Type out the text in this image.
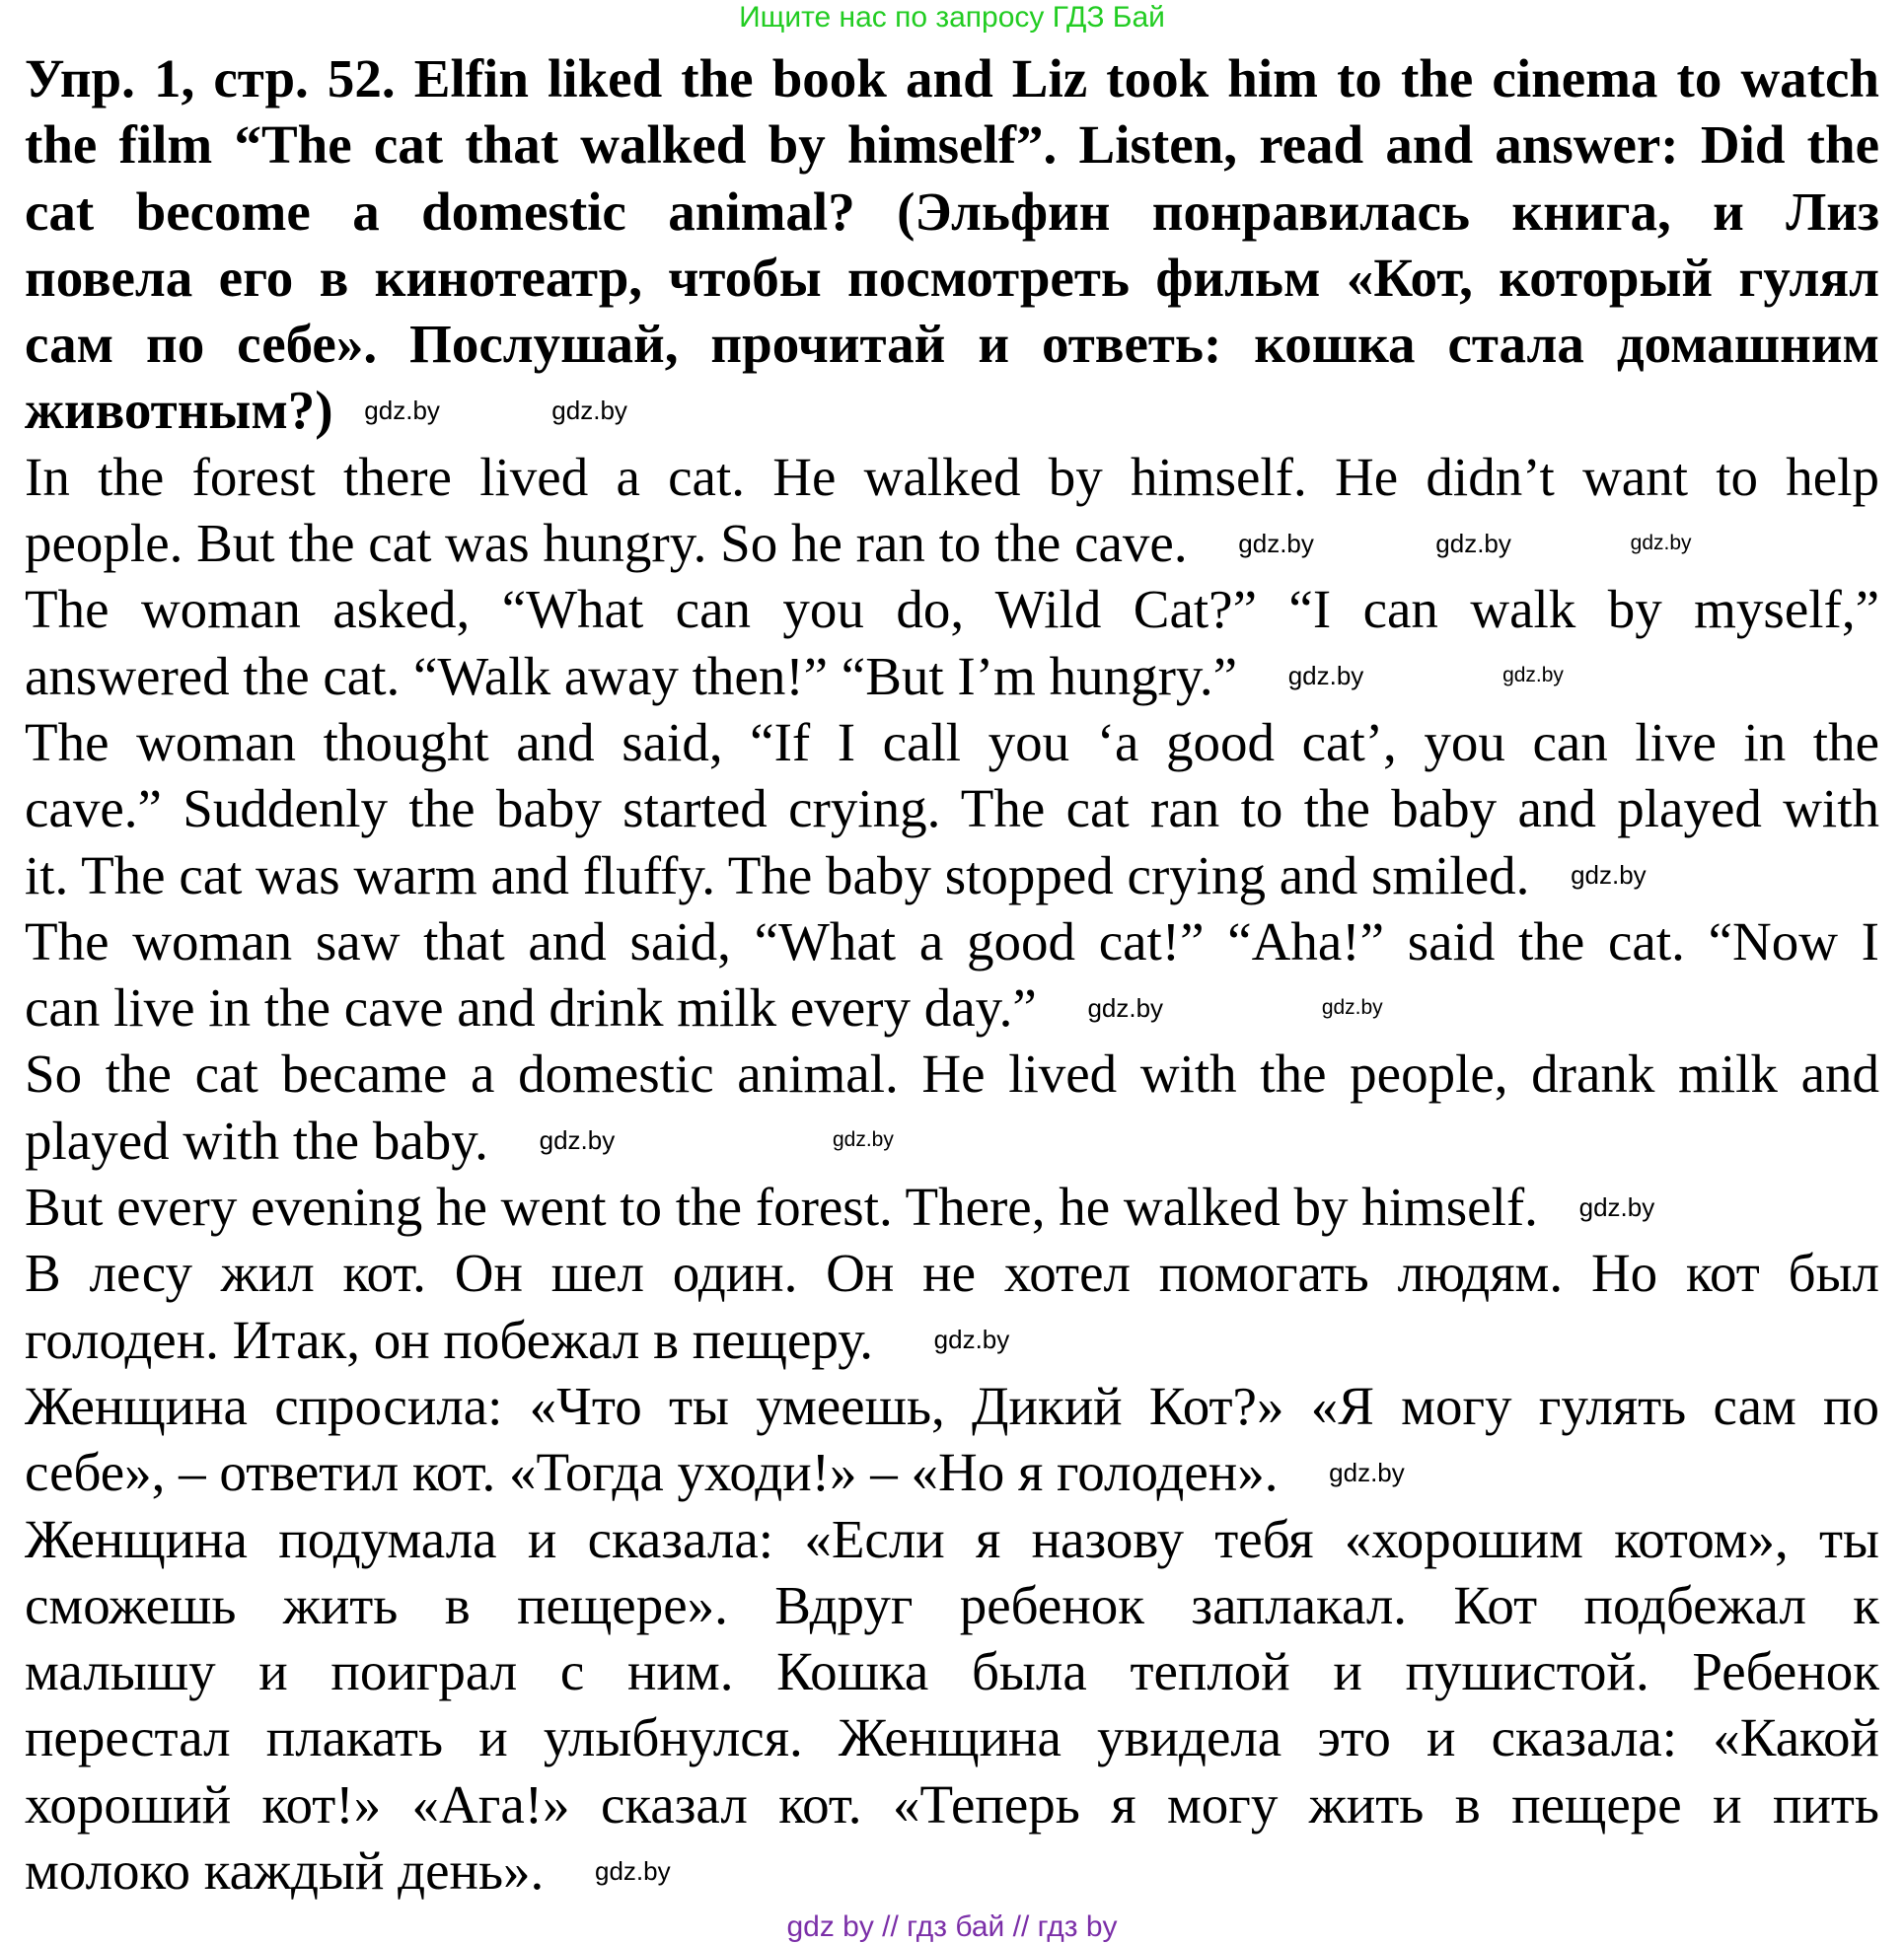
Ищите нас по запросу ГДЗ Бай
Упр. 1, стр. 52. Elfin liked the book and Liz took him to the cinema to watch
the film “The cat that walked by himself”. Listen, read and answer: Did the
cat become a domestic animal? (Эльфин понравилась книга, и Лиз
повела его в кинотеатр, чтобы посмотреть фильм «Кот, который гулял
сам по себе». Послушай, прочитай и ответь: кошка стала домашним
животным?)
In the forest there lived a cat. He walked by himself. He didn’t want to help
people. But the cat was hungry. So he ran to the cave.
The woman asked, “What can you do, Wild Cat?” “I can walk by myself,”
answered the cat. “Walk away then!” “But I’m hungry.”
The woman thought and said, “If I call you ‘a good cat’, you can live in the
cave.” Suddenly the baby started crying. The cat ran to the baby and played with
it. The cat was warm and fluffy. The baby stopped crying and smiled.
The woman saw that and said, “What a good cat!” “Aha!” said the cat. “Now I
can live in the cave and drink milk every day.”
So the cat became a domestic animal. He lived with the people, drank milk and
played with the baby.
But every evening he went to the forest. There, he walked by himself.
В лесу жил кот. Он шел один. Он не хотел помогать людям. Но кот был
голоден. Итак, он побежал в пещеру.
Женщина спросила: «Что ты умеешь, Дикий Кот?» «Я могу гулять сам по
себе», – ответил кот. «Тогда уходи!» – «Но я голоден».
Женщина подумала и сказала: «Если я назову тебя «хорошим котом», ты
сможешь жить в пещере». Вдруг ребенок заплакал. Кот подбежал к
малышу и поиграл с ним. Кошка была теплой и пушистой. Ребенок
перестал плакать и улыбнулся. Женщина увидела это и сказала: «Какой
хороший кот!» «Ага!» сказал кот. «Теперь я могу жить в пещере и пить
молоко каждый день».
gdz.by	gdz.by
gdz.by	gdz.by	gdz.by
gdz.by	gdz.by
gdz.by
gdz.by	gdz.by
gdz.by	gdz.by
gdz.by
gdz.by
gdz.by
gdz.by
gdz by // гдз бай // гдз by
